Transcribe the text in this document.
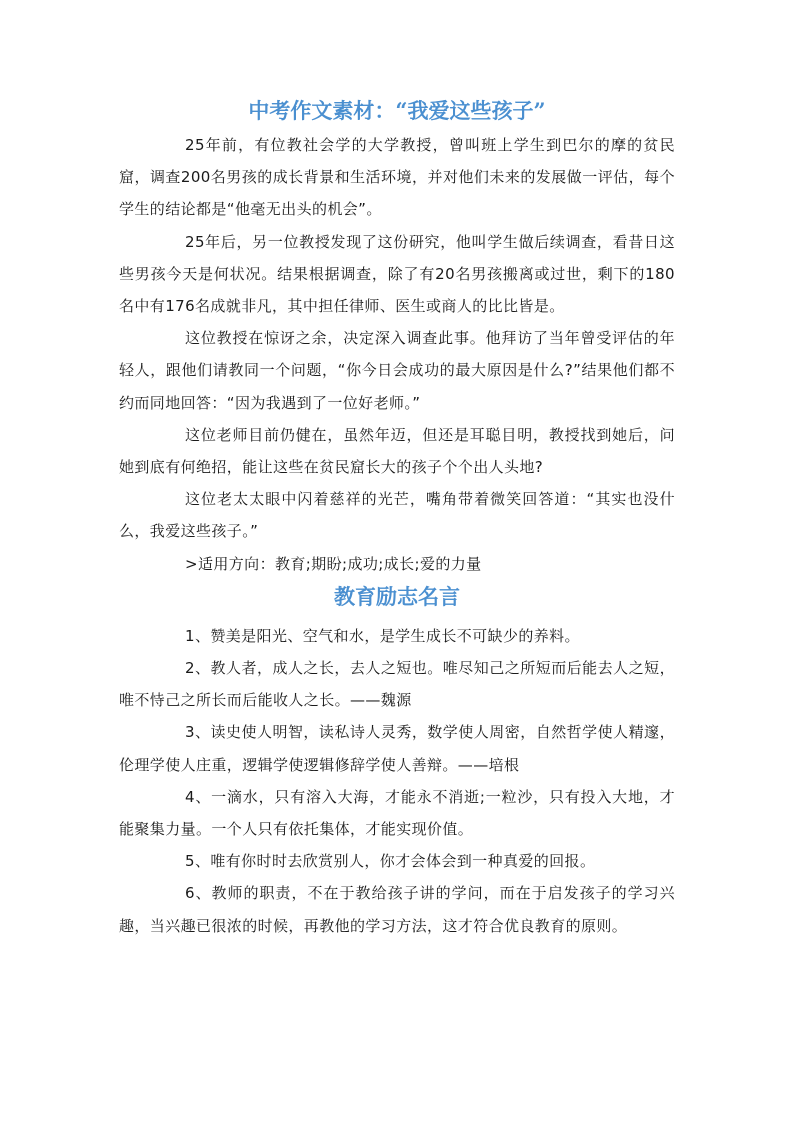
中考作文素材：“我爱这些孩子”

25年前，有位教社会学的大学教授，曾叫班上学生到巴尔的摩的贫民窟，调查200名男孩的成长背景和生活环境，并对他们未来的发展做一评估，每个学生的结论都是“他毫无出头的机会”。

25年后，另一位教授发现了这份研究，他叫学生做后续调查，看昔日这些男孩今天是何状况。结果根据调查，除了有20名男孩搬离或过世，剩下的180名中有176名成就非凡，其中担任律师、医生或商人的比比皆是。

这位教授在惊讶之余，决定深入调查此事。他拜访了当年曾受评估的年轻人，跟他们请教同一个问题，“你今日会成功的最大原因是什么?”结果他们都不约而同地回答：“因为我遇到了一位好老师。”

这位老师目前仍健在，虽然年迈，但还是耳聪目明，教授找到她后，问她到底有何绝招，能让这些在贫民窟长大的孩子个个出人头地?

这位老太太眼中闪着慈祥的光芒，嘴角带着微笑回答道：“其实也没什么，我爱这些孩子。”

>适用方向：教育;期盼;成功;成长;爱的力量

教育励志名言

1、赞美是阳光、空气和水，是学生成长不可缺少的养料。

2、教人者，成人之长，去人之短也。唯尽知己之所短而后能去人之短，唯不恃己之所长而后能收人之长。——魏源

3、读史使人明智，读私诗人灵秀，数学使人周密，自然哲学使人精邃，伦理学使人庄重，逻辑学使逻辑修辞学使人善辩。——培根

4、一滴水，只有溶入大海，才能永不消逝;一粒沙，只有投入大地，才能聚集力量。一个人只有依托集体，才能实现价值。

5、唯有你时时去欣赏别人，你才会体会到一种真爱的回报。

6、教师的职责，不在于教给孩子讲的学问，而在于启发孩子的学习兴趣，当兴趣已很浓的时候，再教他的学习方法，这才符合优良教育的原则。
